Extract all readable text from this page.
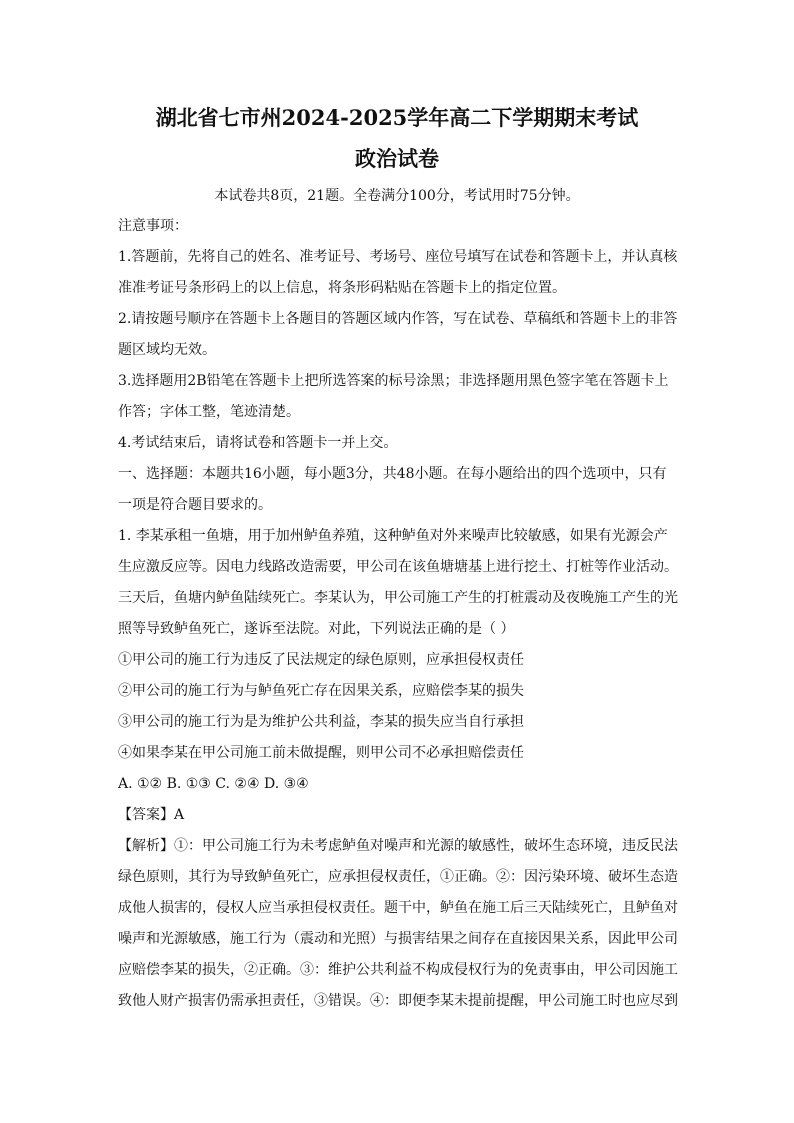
湖北省七市州2024-2025学年高二下学期期末考试
政治试卷
本试卷共8页，21题。全卷满分100分，考试用时75分钟。
注意事项：
1.答题前，先将自己的姓名、准考证号、考场号、座位号填写在试卷和答题卡上，并认真核
准准考证号条形码上的以上信息，将条形码粘贴在答题卡上的指定位置。
2.请按题号顺序在答题卡上各题目的答题区域内作答，写在试卷、草稿纸和答题卡上的非答
题区域均无效。
3.选择题用2B铅笔在答题卡上把所选答案的标号涂黑；非选择题用黑色签字笔在答题卡上
作答；字体工整，笔迹清楚。
4.考试结束后，请将试卷和答题卡一并上交。
一、选择题：本题共16小题，每小题3分，共48小题。在每小题给出的四个选项中，只有
一项是符合题目要求的。
1. 李某承租一鱼塘，用于加州鲈鱼养殖，这种鲈鱼对外来噪声比较敏感，如果有光源会产
生应激反应等。因电力线路改造需要，甲公司在该鱼塘塘基上进行挖土、打桩等作业活动。
三天后，鱼塘内鲈鱼陆续死亡。李某认为，甲公司施工产生的打桩震动及夜晚施工产生的光
照等导致鲈鱼死亡，遂诉至法院。对此，下列说法正确的是（ ）
①甲公司的施工行为违反了民法规定的绿色原则，应承担侵权责任
②甲公司的施工行为与鲈鱼死亡存在因果关系，应赔偿李某的损失
③甲公司的施工行为是为维护公共利益，李某的损失应当自行承担
④如果李某在甲公司施工前未做提醒，则甲公司不必承担赔偿责任
A. ①② B. ①③ C. ②④ D. ③④
【答案】A
【解析】①：甲公司施工行为未考虑鲈鱼对噪声和光源的敏感性，破坏生态环境，违反民法
绿色原则，其行为导致鲈鱼死亡，应承担侵权责任，①正确。②：因污染环境、破坏生态造
成他人损害的，侵权人应当承担侵权责任。题干中，鲈鱼在施工后三天陆续死亡，且鲈鱼对
噪声和光源敏感，施工行为（震动和光照）与损害结果之间存在直接因果关系，因此甲公司
应赔偿李某的损失，②正确。③：维护公共利益不构成侵权行为的免责事由，甲公司因施工
致他人财产损害仍需承担责任，③错误。④：即便李某未提前提醒，甲公司施工时也应尽到
